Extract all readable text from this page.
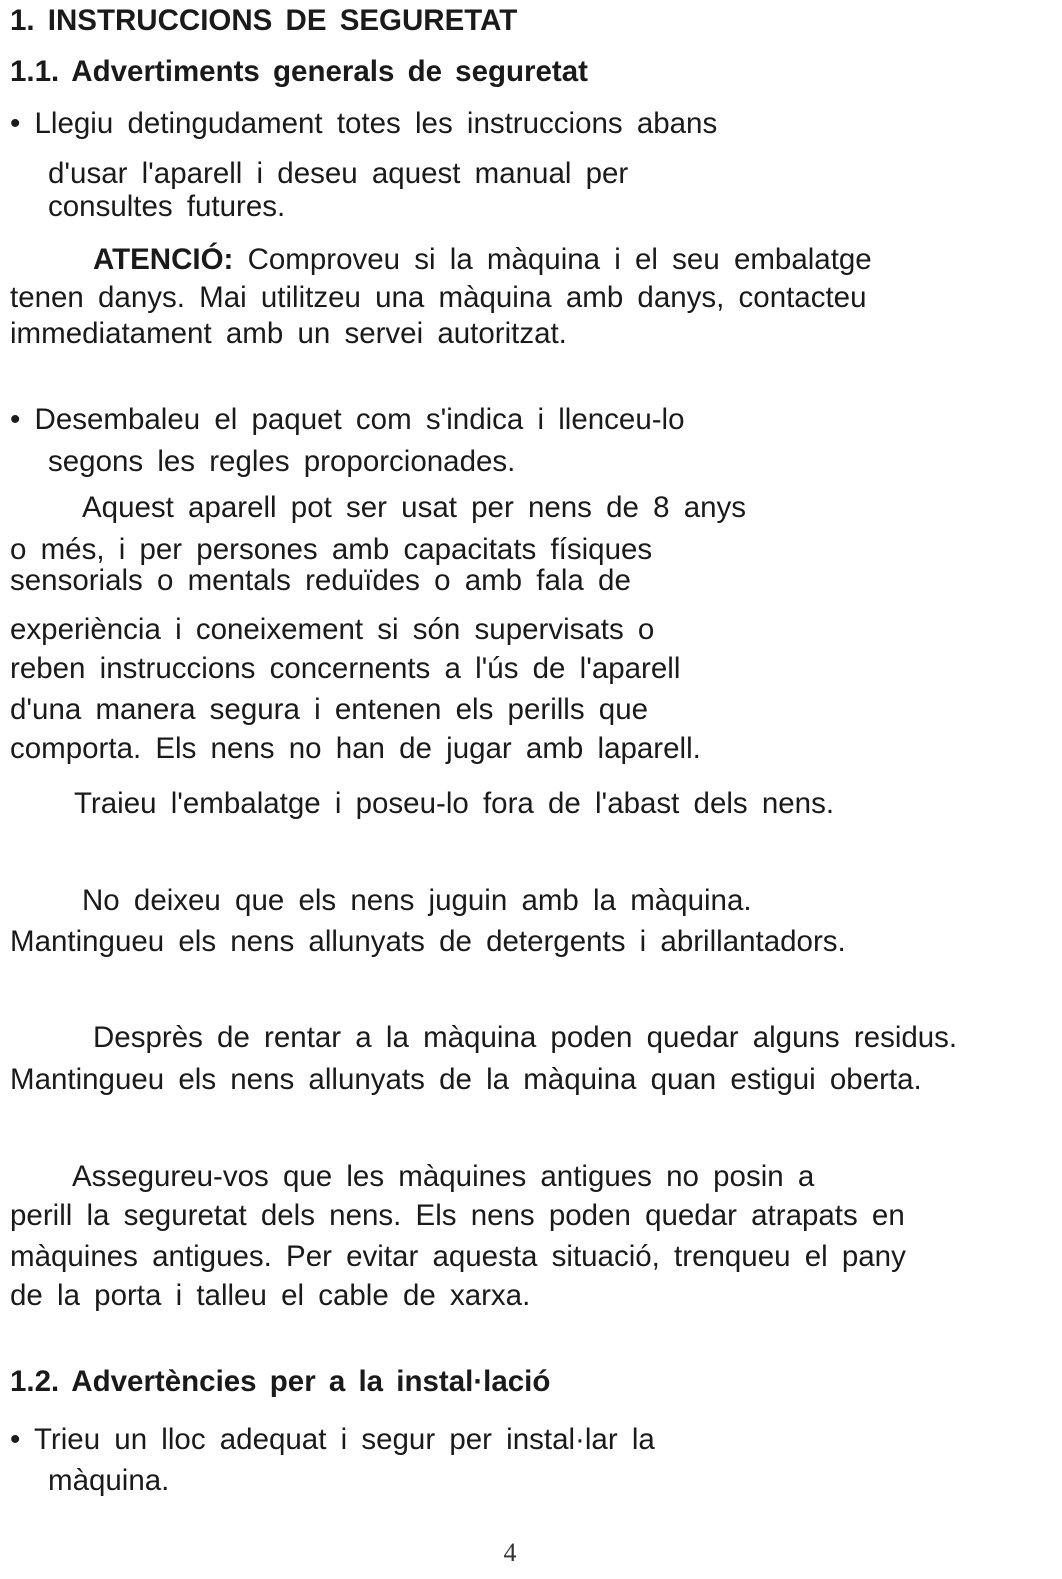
1. INSTRUCCIONS DE SEGURETAT

1.1. Advertiments generals de seguretat

• Llegiu detingudament totes les instruccions abans

d'usar l'aparell i deseu aquest manual per

consultes futures.

ATENCIÓ: Comproveu si la màquina i el seu embalatge

tenen danys. Mai utilitzeu una màquina amb danys, contacteu

immediatament amb un servei autoritzat.

• Desembaleu el paquet com s'indica i llenceu-lo

segons les regles proporcionades.

Aquest aparell pot ser usat per nens de 8 anys

o més, i per persones amb capacitats físiques

sensorials o mentals reduïdes o amb fala de

experiència i coneixement si són supervisats o

reben instruccions concernents a l'ús de l'aparell

d'una manera segura i entenen els perills que

comporta. Els nens no han de jugar amb laparell.

Traieu l'embalatge i poseu-lo fora de l'abast dels nens.

No deixeu que els nens juguin amb la màquina.

Mantingueu els nens allunyats de detergents i abrillantadors.

Desprès de rentar a la màquina poden quedar alguns residus.

Mantingueu els nens allunyats de la màquina quan estigui oberta.

Assegureu-vos que les màquines antigues no posin a

perill la seguretat dels nens. Els nens poden quedar atrapats en

màquines antigues. Per evitar aquesta situació, trenqueu el pany

de la porta i talleu el cable de xarxa.

1.2. Advertències per a la instal·lació

• Trieu un lloc adequat i segur per instal·lar la

màquina.

4
